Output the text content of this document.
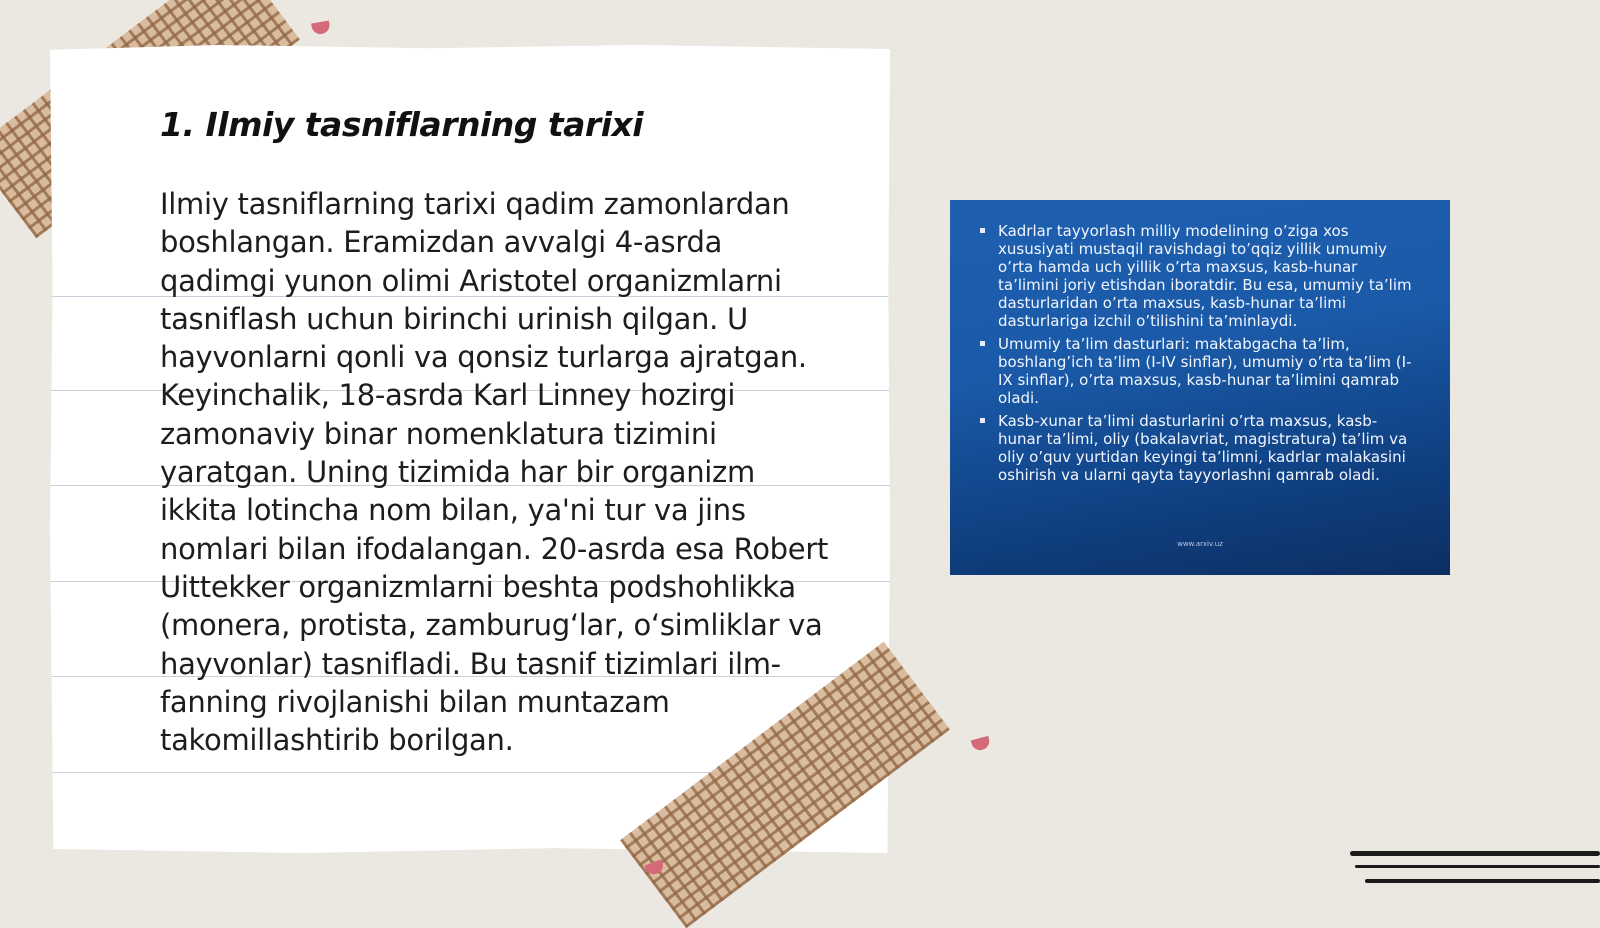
1. Ilmiy tasniflarning tarixi

Ilmiy tasniflarning tarixi qadim zamonlardan boshlangan. Eramizdan avvalgi 4-asrda qadimgi yunon olimi Aristotel organizmlarni tasniflash uchun birinchi urinish qilgan. U hayvonlarni qonli va qonsiz turlarga ajratgan. Keyinchalik, 18-asrda Karl Linney hozirgi zamonaviy binar nomenklatura tizimini yaratgan. Uning tizimida har bir organizm ikkita lotincha nom bilan, ya'ni tur va jins nomlari bilan ifodalangan. 20-asrda esa Robert Uittekker organizmlarni beshta podshohlikka (monera, protista, zamburug‘lar, o‘simliklar va hayvonlar) tasnifladi. Bu tasnif tizimlari ilm-fanning rivojlanishi bilan muntazam takomillashtirib borilgan.

Kadrlar tayyorlash milliy modelining o’ziga xos xususiyati mustaqil ravishdagi to’qqiz yillik umumiy o’rta hamda uch yillik o’rta maxsus, kasb-hunar ta’limini joriy etishdan iboratdir. Bu esa, umumiy ta’lim dasturlaridan o’rta maxsus, kasb-hunar ta’limi dasturlariga izchil o’tilishini ta’minlaydi.
Umumiy ta’lim dasturlari: maktabgacha ta’lim, boshlang’ich ta’lim (I-IV sinflar), umumiy o’rta ta’lim (I-IX sinflar), o’rta maxsus, kasb-hunar ta’limini qamrab oladi.
Kasb-xunar ta’limi dasturlarini o’rta maxsus, kasb-hunar ta’limi, oliy (bakalavriat, magistratura) ta’lim va oliy o’quv yurtidan keyingi ta’limni, kadrlar malakasini oshirish va ularni qayta tayyorlashni qamrab oladi.
www.arxiv.uz
